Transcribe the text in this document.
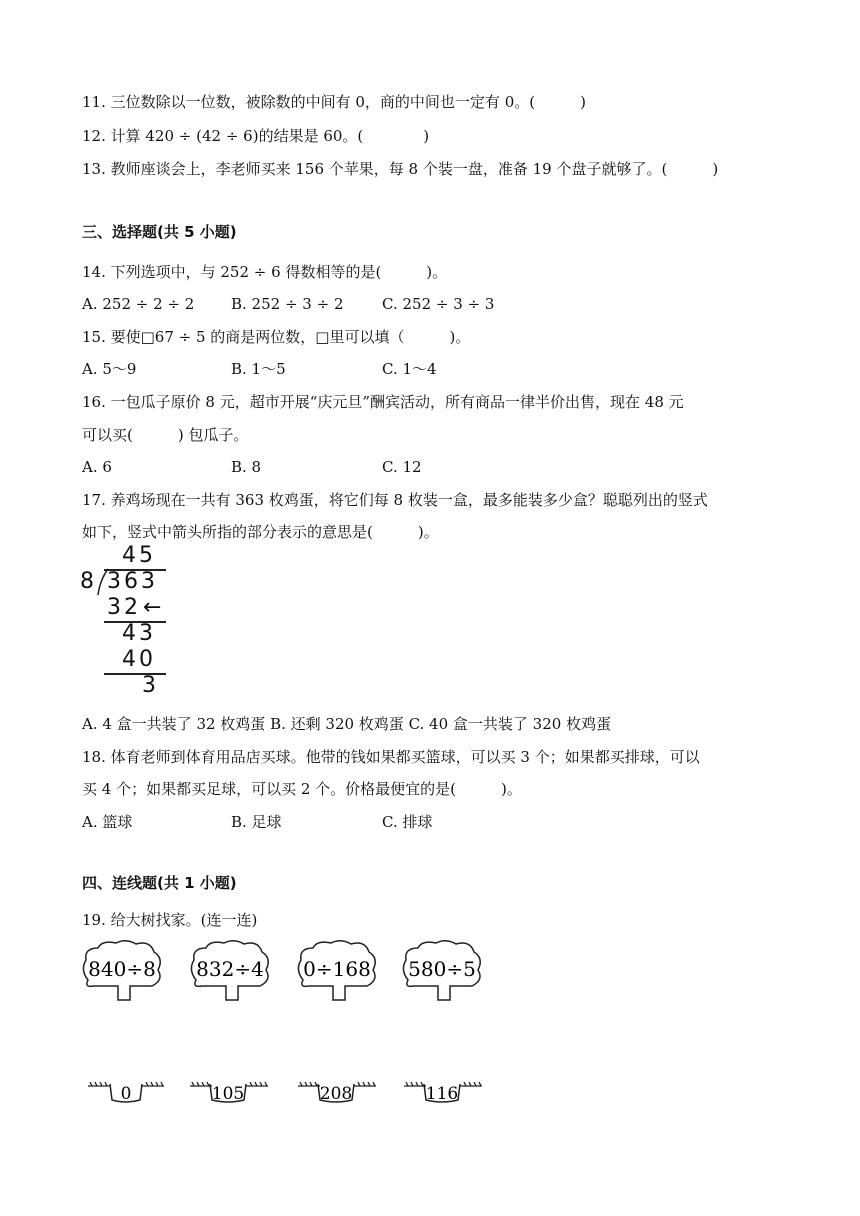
11. 三位数除以一位数，被除数的中间有 0，商的中间也一定有 0。(　　　)
12. 计算 420 ÷ (42 ÷ 6)的结果是 60。(　　　　)
13. 教师座谈会上，李老师买来 156 个苹果，每 8 个装一盘，准备 19 个盘子就够了。(　　　)
三、选择题(共 5 小题)
14. 下列选项中，与 252 ÷ 6 得数相等的是(　　　)。
A. 252 ÷ 2 ÷ 2 B. 252 ÷ 3 ÷ 2	C. 252 ÷ 3 ÷ 3
15. 要使□67 ÷ 5 的商是两位数，□里可以填（　　　)。
A. 5～9	B. 1～5	C. 1～4
16. 一包瓜子原价 8 元，超市开展“庆元旦”酬宾活动，所有商品一律半价出售，现在 48 元
可以买(　　　) 包瓜子。
A. 6	B. 8	C. 12
17. 养鸡场现在一共有 363 枚鸡蛋，将它们每 8 枚装一盒，最多能装多少盒？聪聪列出的竖式
如下，竖式中箭头所指的部分表示的意思是(　　　)。
45
8 363
32 ←
43
40
3
A. 4 盒一共装了 32 枚鸡蛋 B. 还剩 320 枚鸡蛋 C. 40 盒一共装了 320 枚鸡蛋
18. 体育老师到体育用品店买球。他带的钱如果都买篮球，可以买 3 个；如果都买排球，可以
买 4 个；如果都买足球，可以买 2 个。价格最便宜的是(　　　)。
A. 篮球	B. 足球	C. 排球
四、连线题(共 1 小题)
19. 给大树找家。(连一连)
840÷8 832÷4 0÷168 580÷5
0	105	208	116
